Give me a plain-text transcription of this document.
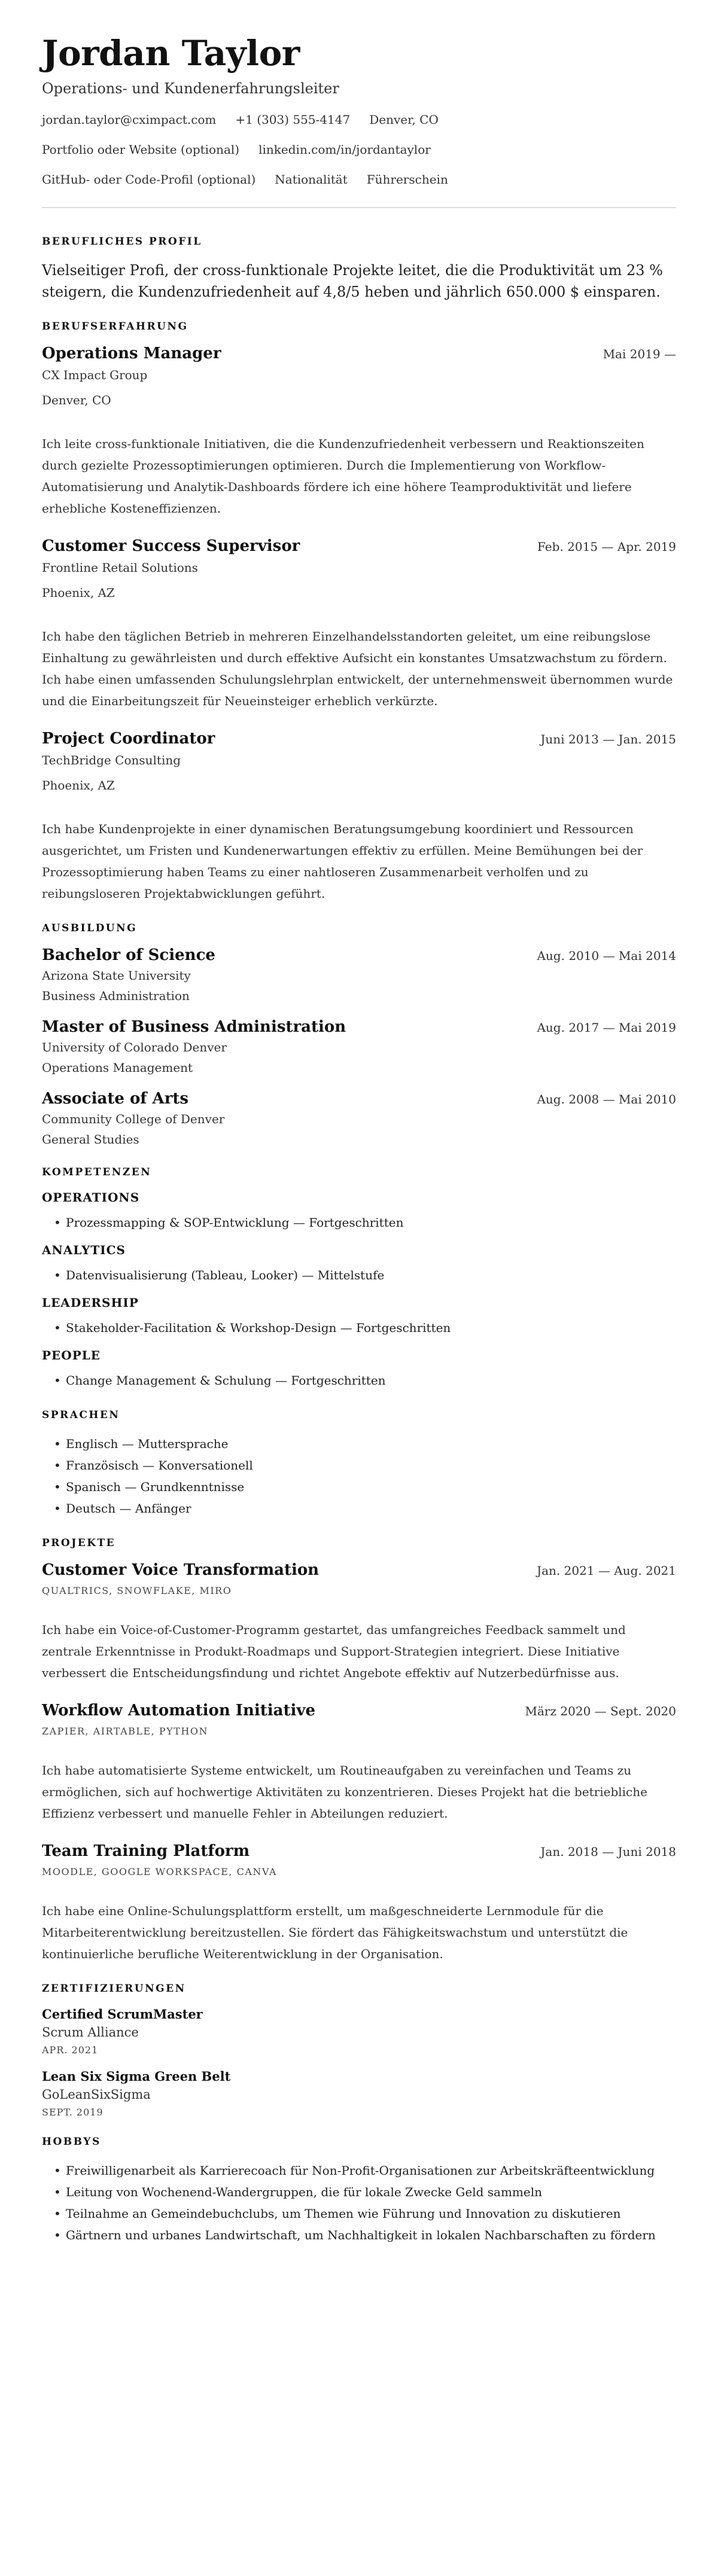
Jordan Taylor
Operations- und Kundenerfahrungsleiter
jordan.taylor@cximpact.com +1 (303) 555-4147 Denver, CO
Portfolio oder Website (optional) linkedin.com/in/jordantaylor
GitHub- oder Code-Profil (optional) Nationalität Führerschein
BERUFLICHES PROFIL

Vielseitiger Profi, der cross-funktionale Projekte leitet, die die Produktivität um 23 % steigern, die Kundenzufriedenheit auf 4,8/5 heben und jährlich 650.000 $ einsparen.

BERUFSERFAHRUNG
Operations Manager	Mai 2019 —
CX Impact Group
Denver, CO

Ich leite cross-funktionale Initiativen, die die Kundenzufriedenheit verbessern und Reaktionszeiten durch gezielte Prozessoptimierungen optimieren. Durch die Implementierung von Workflow-Automatisierung und Analytik-Dashboards fördere ich eine höhere Teamproduktivität und liefere erhebliche Kosteneffizienzen.

Customer Success Supervisor	Feb. 2015 — Apr. 2019
Frontline Retail Solutions
Phoenix, AZ

Ich habe den täglichen Betrieb in mehreren Einzelhandelsstandorten geleitet, um eine reibungslose Einhaltung zu gewährleisten und durch effektive Aufsicht ein konstantes Umsatzwachstum zu fördern. Ich habe einen umfassenden Schulungslehrplan entwickelt, der unternehmensweit übernommen wurde und die Einarbeitungszeit für Neueinsteiger erheblich verkürzte.

Project Coordinator	Juni 2013 — Jan. 2015
TechBridge Consulting
Phoenix, AZ

Ich habe Kundenprojekte in einer dynamischen Beratungsumgebung koordiniert und Ressourcen ausgerichtet, um Fristen und Kundenerwartungen effektiv zu erfüllen. Meine Bemühungen bei der Prozessoptimierung haben Teams zu einer nahtloseren Zusammenarbeit verholfen und zu reibungsloseren Projektabwicklungen geführt.

AUSBILDUNG
Bachelor of Science	Aug. 2010 — Mai 2014
Arizona State University
Business Administration
Master of Business Administration	Aug. 2017 — Mai 2019
University of Colorado Denver
Operations Management
Associate of Arts	Aug. 2008 — Mai 2010
Community College of Denver
General Studies
KOMPETENZEN
OPERATIONS
• Prozessmapping & SOP-Entwicklung — Fortgeschritten
ANALYTICS
• Datenvisualisierung (Tableau, Looker) — Mittelstufe
LEADERSHIP
• Stakeholder-Facilitation & Workshop-Design — Fortgeschritten
PEOPLE
• Change Management & Schulung — Fortgeschritten
SPRACHEN
• Englisch — Muttersprache
• Französisch — Konversationell
• Spanisch — Grundkenntnisse
• Deutsch — Anfänger
PROJEKTE
Customer Voice Transformation	Jan. 2021 — Aug. 2021
QUALTRICS, SNOWFLAKE, MIRO

Ich habe ein Voice-of-Customer-Programm gestartet, das umfangreiches Feedback sammelt und zentrale Erkenntnisse in Produkt-Roadmaps und Support-Strategien integriert. Diese Initiative verbessert die Entscheidungsfindung und richtet Angebote effektiv auf Nutzerbedürfnisse aus.

Workflow Automation Initiative	März 2020 — Sept. 2020
ZAPIER, AIRTABLE, PYTHON

Ich habe automatisierte Systeme entwickelt, um Routineaufgaben zu vereinfachen und Teams zu ermöglichen, sich auf hochwertige Aktivitäten zu konzentrieren. Dieses Projekt hat die betriebliche Effizienz verbessert und manuelle Fehler in Abteilungen reduziert.

Team Training Platform	Jan. 2018 — Juni 2018
MOODLE, GOOGLE WORKSPACE, CANVA

Ich habe eine Online-Schulungsplattform erstellt, um maßgeschneiderte Lernmodule für die Mitarbeiterentwicklung bereitzustellen. Sie fördert das Fähigkeitswachstum und unterstützt die kontinuierliche berufliche Weiterentwicklung in der Organisation.

ZERTIFIZIERUNGEN
Certified ScrumMaster
Scrum Alliance
APR. 2021
Lean Six Sigma Green Belt
GoLeanSixSigma
SEPT. 2019
HOBBYS
• Freiwilligenarbeit als Karrierecoach für Non-Profit-Organisationen zur Arbeitskräfteentwicklung
• Leitung von Wochenend-Wandergruppen, die für lokale Zwecke Geld sammeln
• Teilnahme an Gemeindebuchclubs, um Themen wie Führung und Innovation zu diskutieren
• Gärtnern und urbanes Landwirtschaft, um Nachhaltigkeit in lokalen Nachbarschaften zu fördern
